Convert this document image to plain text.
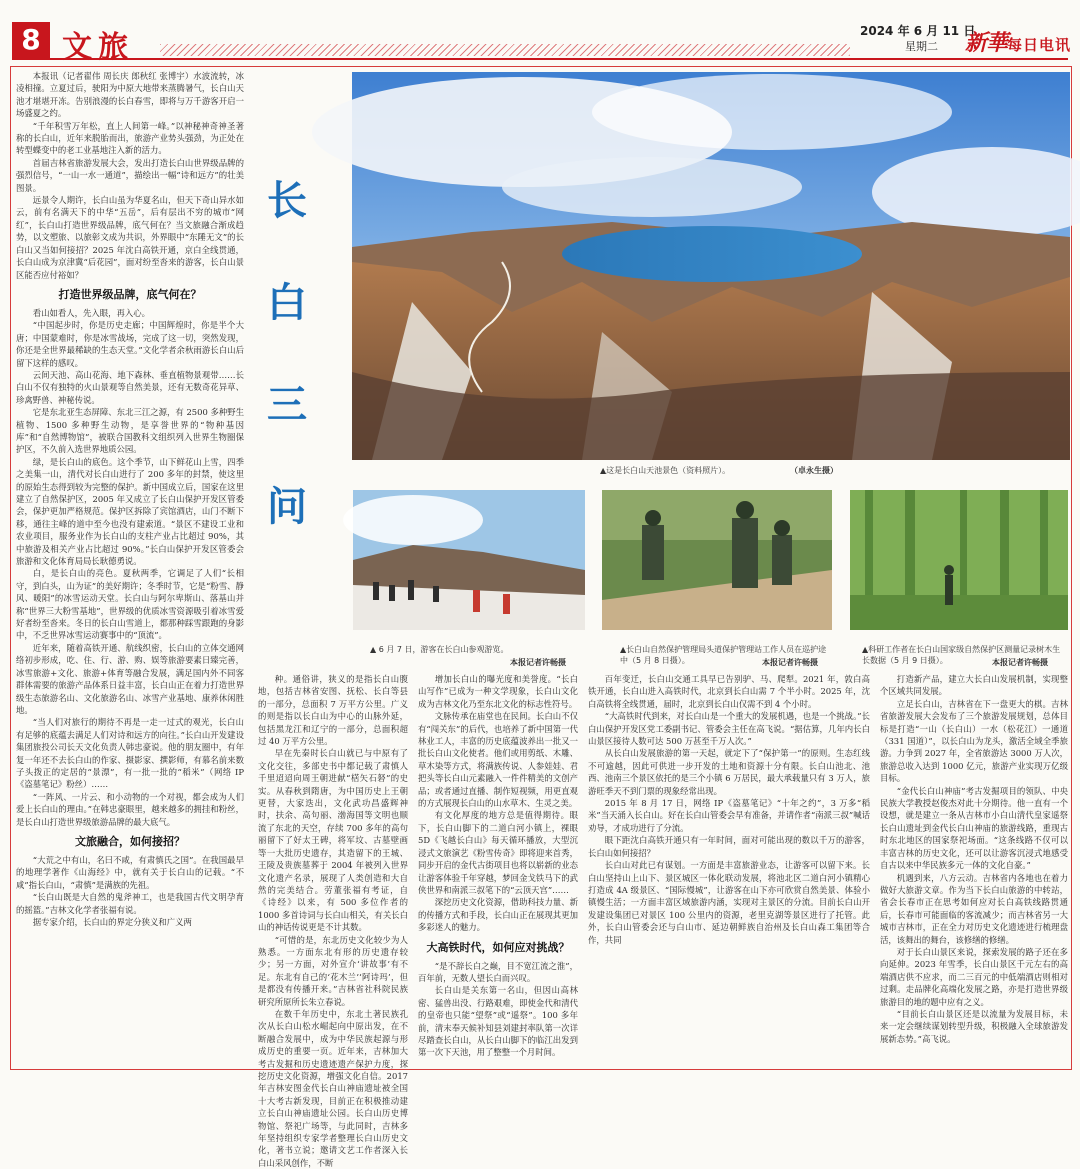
8 文旅	2024 年 6 月 11 日
星期二 新華每日电讯

本报讯（记者翟伟 周长庆 郎秋红 张博宇）水波流转，冰凌相撞。立夏过后，驶阳为中原大地带来蒸腾暑气，长白山天池才堪堪开冻。告别浪漫的长白春雪，即将与万千游客开启一场盛夏之约。

“千年积雪万年松，直上人间第一峰。”以神秘神奇神圣著称的长白山，近年来脱胎而出，旅游产业势头强劲，为正处在转型蝶变中的老工业基地注入新的活力。

首届吉林省旅游发展大会，发出打造长白山世界级品牌的强烈信号，“一山一水一通道”，描绘出一幅“诗和远方”的壮美图景。

远景令人期许，长白山虽为华夏名山，但天下奇山异水如云，前有名满天下的中华“五岳”，后有层出不穷的城市“网红”，长白山打造世界级品牌，底气何在？当文旅融合渐成趋势，以文塑旅、以旅彰文成为共识，外界眼中“东陲无文”的长白山又当如何接招？2025 年沈白高铁开通，京白全线贯通，长白山成为京津冀“后花园”，面对纷至沓来的游客，长白山景区能否应付裕如？

打造世界级品牌，底气何在？

看山如看人，先入眼，再入心。

“中国起步时，你是历史走廊；中国辉煌时，你是半个大唐；中国蒙难时，你是冰雪战场，完成了这一切，突然发现，你还是全世界最稀缺的生态天堂。”文化学者余秋雨游长白山后留下这样的感叹。

云间天池、高山花海、地下森林、垂直植物景观带……长白山不仅有独特的火山景观等自然美景，还有无数奇花异草、珍禽野兽、神秘传说。

它是东北亚生态屏障、东北三江之源，有 2500 多种野生植物、1500 多种野生动物，是享誉世界的“物种基因库”和“自然博物馆”，被联合国教科文组织列入世界生物圈保护区，不久前入选世界地质公园。

绿，是长白山的底色。这个季节，山下鲜花山上雪，四季之美集一山，清代对长白山进行了 200 多年的封禁，使这里的原始生态得到较为完整的保护。新中国成立后，国家在这里建立了自然保护区，2005 年又成立了长白山保护开发区管委会，保护更加严格规范。保护区拆除了宾馆酒店，山门不断下移，通往主峰的道中至今也没有建索道。“景区不建设工业和农业项目，服务业作为长白山的支柱产业占比超过 90%，其中旅游及相关产业占比超过 90%。”长白山保护开发区管委会旅游和文化体育局局长耿德勇说。

白，是长白山的亮色。夏秋两季，它调足了人们“长相守，到白头，山为证”的美好期许；冬季时节，它是“粉雪、静风、暖阳”的冰雪运动天堂。长白山与阿尔卑斯山、落基山并称“世界三大粉雪基地”，世界级的优质冰雪资源吸引着冰雪爱好者纷至沓来。冬日的长白山雪道上，都那种踩雪跟跑的身影中，不乏世界冰雪运动赛事中的“顶流”。

近年来，随着高铁开通、航线织密，长白山的立体交通网络初步形成，吃、住、行、游、购、娱等旅游要素日臻完善，冰雪旅游+文化、旅游+体育等融合发展，满足国内外不同客群体需要的旅游产品体系日益丰富，长白山正在着力打造世界级生态旅游名山、文化旅游名山、冰雪产业基地、康养休闲胜地。

“当人们对旅行的期待不再是一走一过式的观光，长白山有足够的底蕴去满足人们对诗和远方的向往。”长白山开发建设集团旅投公司长天文化负责人韩忠豪说。他的朋友圈中，有年复一年还不去长白山的作家、摄影家、撰影师，有慕名前来数子头拨正的定居的“景漂”，有一批一批的“稻米”（网络 IP《盗墓笔记》粉丝）……

“一阵风、一片云、和小动物的一个对视，都会成为人们爱上长白山的理由。”在韩忠豪眼里，越来越多的拥挂和粉丝，是长白山打造世界级旅游品牌的最大底气。

文旅融合，如何接招？

“大荒之中有山，名曰不咸，有肃慎氏之国”。在我国最早的地理学著作《山海经》中，就有关于长白山的记载。“不咸”指长白山，“肃慎”是满族的先祖。

“长白山既是大自然的鬼斧神工，也是我国古代文明孕育的摇篮。”吉林文化学者张福有说。

据专家介绍，长白山的界定分狭义和广义两

长
白
三
问
▲这是长白山天池景色（资料照片）。	（卓永生摄）
▲ 6 月 7 日，游客在长白山参观游览。
本报记者许畅摄
▲长白山自然保护管理局头道保护管理站工作人员在巡护途中（5 月 8 日摄）。	本报记者许畅摄
▲科研工作者在长白山国家级自然保护区测量记录树木生长数据（5 月 9 日摄）。	本报记者许畅摄

种。通俗讲，狭义的是指长白山腹地，包括吉林省安图、抚松、长白等县的一部分，总面积 7 万平方公里。广义的则是指以长白山为中心的山脉外延，包括黑龙江和辽宁的一部分，总面积超过 40 万平方公里。

早在先秦时长白山就已与中原有了文化交往，多部史书中都记载了肃慎人千里迢迢向周王朝进献“楛矢石砮”的史实。从春秋到隋唐，为中国历史上王朝更替，大家迭出，文化武功昌盛辉神时，扶余、高句丽、渤海国等文明也顺流了东北的天空，存续 700 多年的高句丽留下了好太王碑，将军坟、古墓壁画等一大批历史遗存，其造留下的王城、王陵及贵族墓葬于 2004 年被列入世界文化遗产名录，展现了人类创造和大自然的完美结合。劳董张福有考证，自《诗经》以来，有 500 多位作者的 1000 多首诗词与长白山相关，有关长白山的神话传说更是不计其数。

“可惜的是，东北历史文化较少为人熟悉。一方面东北有形的历史遗存较少；另一方面，对外宣介‘讲故事’有不足。东北有自己的‘花木兰’‘阿诗玛’，但是都没有传播开来。”吉林省社科院民族研究所原所长朱立春说。

在数千年历史中，东北土著民族孔次从长白山松水崛起向中原出发，在不断融合发展中，成为中华民族起源与形成历史的重要一页。近年来，吉林加大考古发掘和历史遗迹遗产保护力度，探挖历史文化资源，增强文化自信。2017 年吉林安图金代长白山神庙遗址被全国十大考古新发现，目前正在积极推动建立长白山神庙遗址公园。长白山历史博物馆、祭祀广场等，与此同时，吉林多年坚持组织专家学者整理长白山历史文化，著书立说；邀请文艺工作者深入长白山采风创作，不断

增加长白山的曝光度和美誉度。“长白山写作”已成为一种文学现象，长白山文化成为吉林文化乃至东北文化的标志性符号。

文脉传承在庙堂也在民间。长白山不仅有“闯关东”的后代，也培养了新中国第一代林业工人，丰富的历史底蕴波养出一批又一批长白山文化使者。他们或用剪纸、木雕、草木染等方式，将满族传说、人参娃娃、君把头等长白山元素融入一件件精美的文创产品；或者通过直播、制作短视频，用更直观的方式展现长白山的山水草木、生灵之美。

有文化厚度的地方总是值得期待。眼下，长白山脚下的二道白河小镇上，裸眼 5D《飞越长白山》每天循环播放，大型沉浸式文旅演艺《粉雪传奇》即将迎来首秀，同步开启的金代古街项目也将以崭新的业态让游客体验千年穿越，梦回金戈铁马下的武侠世界和南派三叔笔下的“云顶天宫”……

深挖历史文化资源，借助科技力量、新的传播方式和手段，长白山正在展现其更加多彩迷人的魅力。

大高铁时代，如何应对挑战？

“是不辞长白之巅，目不宽江流之淮”，百年前，无数人望长白而兴叹。

长白山是关东第一名山，但因山高林密、猛兽出没、行路艰难，即使金代和清代的皇帝也只能“望祭”或“遥祭”。100 多年前，清末奉天候补知县刘建封率队第一次详尽踏查长白山，从长白山脚下的临江出发到第一次下天池，用了整整一个月时间。

百年变迁，长白山交通工具早已告别驴、马、爬犁。2021 年，敦白高铁开通，长白山进入高铁时代，北京到长白山需 7 个半小时。2025 年，沈白高铁将全线贯通，届时，北京到长白山仅需不到 4 个小时。

“大高铁时代到来，对长白山是一个重大的发展机遇，也是一个挑战。”长白山保护开发区党工委副书记、管委会主任在高飞说。“据估算，几年内长白山景区接待人数可达 500 万甚至千万人次。”

从长白山发展旅游的第一天起，就定下了“保护第一”的原则。生态红线不可逾越，因此可供进一步开发的土地和资源十分有限。长白山池北、池西、池南三个景区依托的是三个小镇 6 万居民，最大承载量只有 3 万人，旅游旺季天不到门票的现象经常出现。

2015 年 8 月 17 日，网络 IP《盗墓笔记》“十年之约”，3 万多“稻米”当天涌入长白山。好在长白山管委会早有准备，并请作者“南派三叔”喊话劝导，才成功进行了分流。

眼下距沈白高铁开通只有一年时间，面对可能出现的数以千万的游客，长白山如何接招？

长白山对此已有谋划。一方面是丰富旅游业态，让游客可以留下来。长白山坚持山上山下、景区城区一体化联动发展，将池北区二道白河小镇精心打造成 4A 级景区、“国际慢城”，让游客在山下亦可欣赏自然美景、体验小镇慢生活；一方面丰富区域旅游内涵，实现对主景区的分流。目前长白山开发建设集团已对景区 100 公里内的资源，老里克湖等景区进行了托管。此外，长白山管委会还与白山市、延边朝鲜族自治州及长白山森工集团等合作，共同

打造新产品，建立大长白山发展机制，实现整个区域共同发展。

立足长白山，吉林省在下一盘更大的棋。吉林省旅游发展大会发布了三个旅游发展规划，总体目标是打造“一山（长白山）一水（松花江）一通道（331 国道）”，以长白山为龙头，激活全域全季旅游。力争到 2027 年，全省旅游达 3000 万人次，旅游总收入达到 1000 亿元，旅游产业实现万亿级目标。

“金代长白山神庙”考古发掘项目的领队、中央民族大学教授赵俊杰对此十分期待。他一直有一个设想，就是建立一条从吉林市小白山清代皇家遥祭长白山遗址到金代长白山神庙的旅游线路，重现古时东北地区的国家祭祀场面。“这条线路不仅可以丰富吉林的历史文化，还可以让游客沉浸式地感受自古以来中华民族多元一体的文化自豪。”

机遇到来，八方云动。吉林省内各地也在着力做好大旅游文章。作为当下长白山旅游的中转站，省会长春市正在思考如何应对长白高铁线路贯通后，长春市可能面临的客流减少；而吉林省另一大城市吉林市，正在全力对历史文化遗迹进行梳理盘活，该舞出的舞台，该修缮的修缮。

对于长白山景区来说，探索发展的路子还在多向延伸。2023 年雪季，长白山景区千元左右的高端酒店供不应求，而二三百元的中低端酒店则相对过剩。走品牌化高端化发展之路，亦是打造世界级旅游目的地的题中应有之义。

“目前长白山景区还是以流量为发展目标，未来一定会继续谋划转型升级，积极融入全球旅游发展新态势。”高飞说。
